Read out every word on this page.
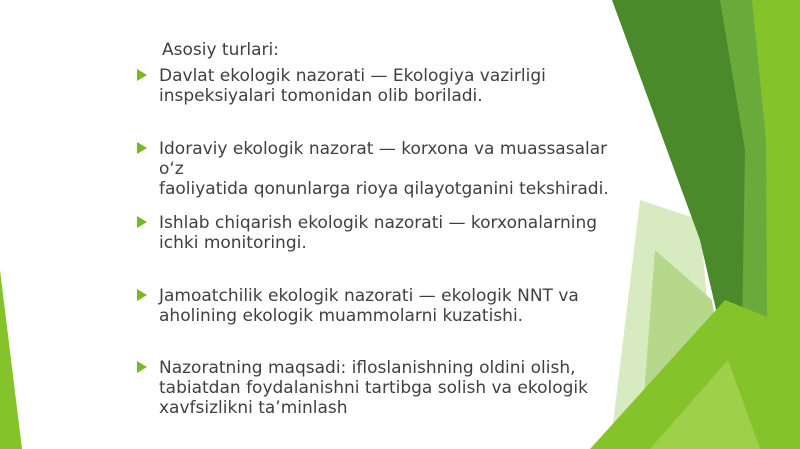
Asosiy turlari:

Davlat ekologik nazorati — Ekologiya vazirligi
inspeksiyalari tomonidan olib boriladi.
Idoraviy ekologik nazorat — korxona va muassasalar o‘z
faoliyatida qonunlarga rioya qilayotganini tekshiradi.
Ishlab chiqarish ekologik nazorati — korxonalarning
ichki monitoringi.
Jamoatchilik ekologik nazorati — ekologik NNT va
aholining ekologik muammolarni kuzatishi.
Nazoratning maqsadi: ifloslanishning oldini olish,
tabiatdan foydalanishni tartibga solish va ekologik
xavfsizlikni ta’minlash
